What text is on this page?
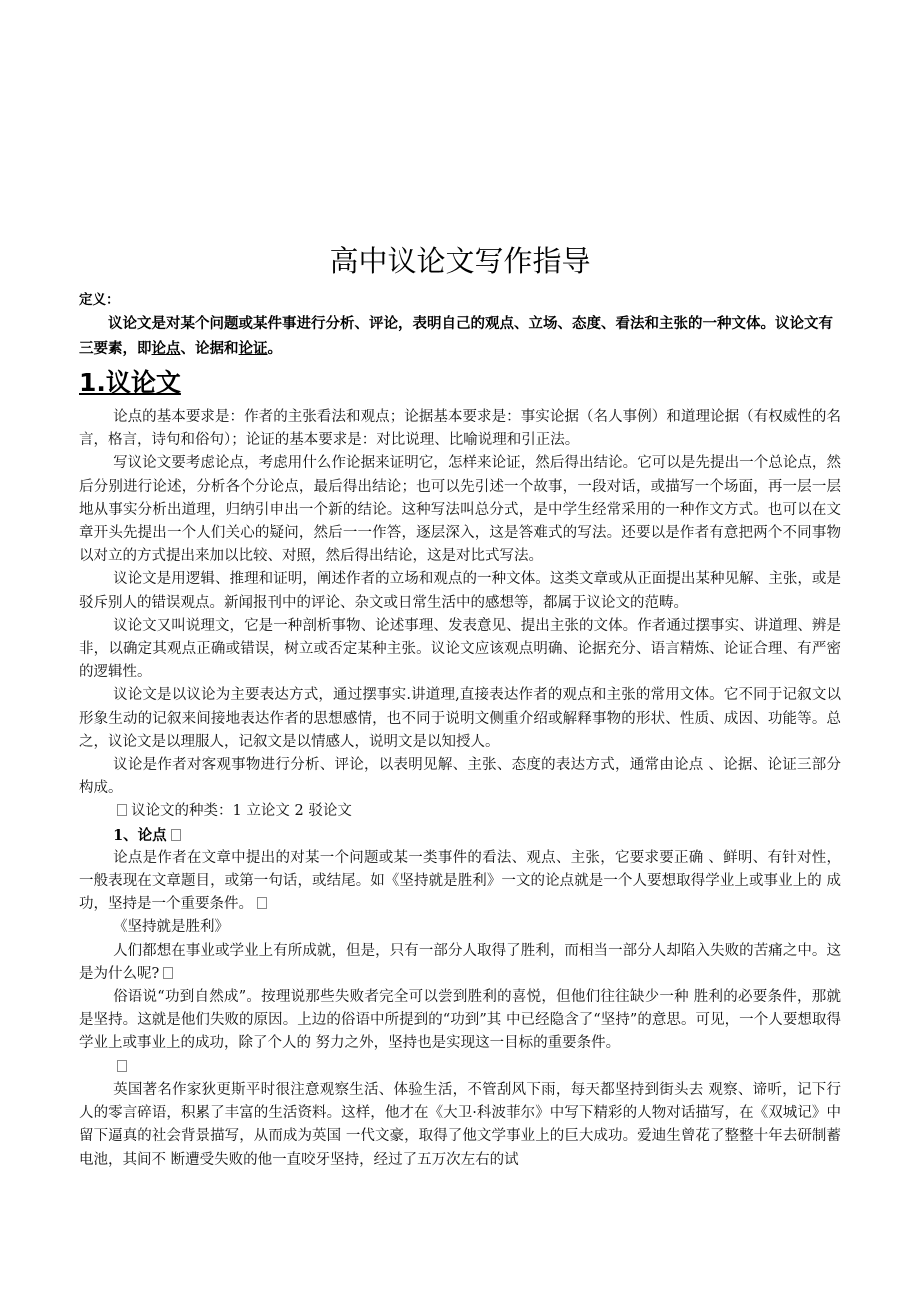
高中议论文写作指导
定义：

议论文是对某个问题或某件事进行分析、评论，表明自己的观点、立场、态度、看法和主张的一种文体。议论文有三要素，即论点、论据和论证。

1.议论文

论点的基本要求是：作者的主张看法和观点；论据基本要求是：事实论据（名人事例）和道理论据（有权威性的名言，格言，诗句和俗句）；论证的基本要求是：对比说理、比喻说理和引正法。

写议论文要考虑论点，考虑用什么作论据来证明它，怎样来论证，然后得出结论。它可以是先提出一个总论点，然后分别进行论述，分析各个分论点，最后得出结论；也可以先引述一个故事，一段对话，或描写一个场面，再一层一层地从事实分析出道理，归纳引申出一个新的结论。这种写法叫总分式，是中学生经常采用的一种作文方式。也可以在文章开头先提出一个人们关心的疑问，然后一一作答，逐层深入，这是答难式的写法。还要以是作者有意把两个不同事物以对立的方式提出来加以比较、对照，然后得出结论，这是对比式写法。

议论文是用逻辑、推理和证明，阐述作者的立场和观点的一种文体。这类文章或从正面提出某种见解、主张，或是驳斥别人的错误观点。新闻报刊中的评论、杂文或日常生活中的感想等，都属于议论文的范畴。

议论文又叫说理文，它是一种剖析事物、论述事理、发表意见、提出主张的文体。作者通过摆事实、讲道理、辨是非，以确定其观点正确或错误，树立或否定某种主张。议论文应该观点明确、论据充分、语言精炼、论证合理、有严密的逻辑性。

议论文是以议论为主要表达方式，通过摆事实.讲道理,直接表达作者的观点和主张的常用文体。它不同于记叙文以形象生动的记叙来间接地表达作者的思想感情，也不同于说明文侧重介绍或解释事物的形状、性质、成因、功能等。总之，议论文是以理服人，记叙文是以情感人，说明文是以知授人。

议论是作者对客观事物进行分析、评论，以表明见解、主张、态度的表达方式，通常由论点 、论据、论证三部分构成。

议论文的种类：1 立论文 2 驳论文

1、论点

论点是作者在文章中提出的对某一个问题或某一类事件的看法、观点、主张，它要求要正确 、鲜明、有针对性，一般表现在文章题目，或第一句话，或结尾。如《坚持就是胜利》一文的论点就是一个人要想取得学业上或事业上的 成功，坚持是一个重要条件。

《坚持就是胜利》

人们都想在事业或学业上有所成就，但是，只有一部分人取得了胜利，而相当一部分人却陷入失败的苦痛之中。这是为什么呢?

俗语说“功到自然成”。按理说那些失败者完全可以尝到胜利的喜悦，但他们往往缺少一种 胜利的必要条件，那就是坚持。这就是他们失败的原因。上边的俗语中所提到的“功到”其 中已经隐含了“坚持”的意思。可见，一个人要想取得学业上或事业上的成功，除了个人的 努力之外，坚持也是实现这一目标的重要条件。

英国著名作家狄更斯平时很注意观察生活、体验生活，不管刮风下雨，每天都坚持到街头去 观察、谛听，记下行人的零言碎语，积累了丰富的生活资料。这样，他才在《大卫·科波菲尔》中写下精彩的人物对话描写，在《双城记》中留下逼真的社会背景描写，从而成为英国 一代文豪，取得了他文学事业上的巨大成功。爱迪生曾花了整整十年去研制蓄电池，其间不 断遭受失败的他一直咬牙坚持，经过了五万次左右的试
